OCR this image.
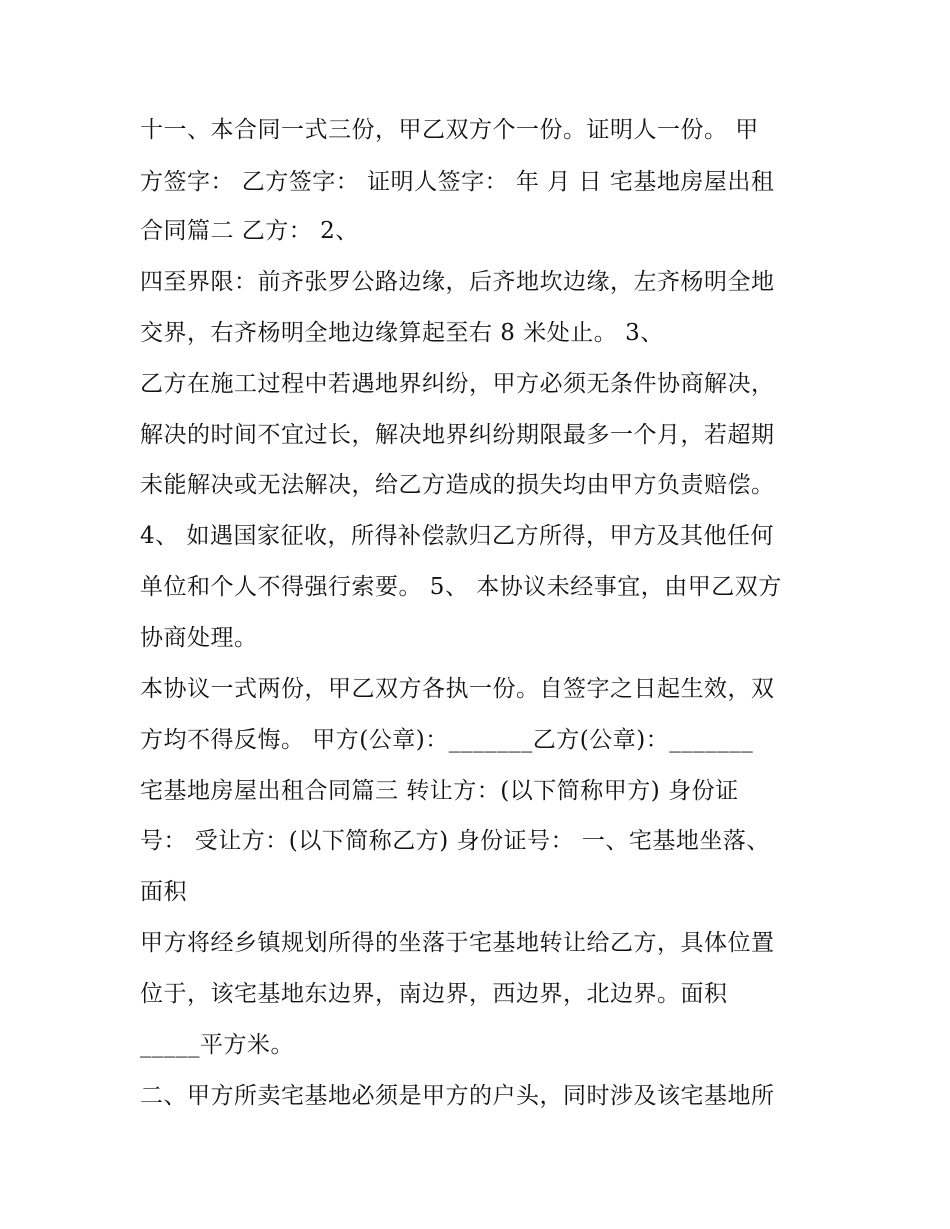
十一、本合同一式三份，甲乙双方个一份。证明人一份。 甲
方签字： 乙方签字： 证明人签字： 年 月 日 宅基地房屋出租
合同篇二 乙方： 2、
四至界限：前齐张罗公路边缘，后齐地坎边缘，左齐杨明全地
交界，右齐杨明全地边缘算起至右 8 米处止。 3、
乙方在施工过程中若遇地界纠纷，甲方必须无条件协商解决，
解决的时间不宜过长，解决地界纠纷期限最多一个月，若超期
未能解决或无法解决，给乙方造成的损失均由甲方负责赔偿。
4、 如遇国家征收，所得补偿款归乙方所得，甲方及其他任何
单位和个人不得强行索要。 5、 本协议未经事宜，由甲乙双方
协商处理。
本协议一式两份，甲乙双方各执一份。自签字之日起生效，双
方均不得反悔。 甲方(公章)：_______乙方(公章)：_______
宅基地房屋出租合同篇三 转让方：(以下简称甲方) 身份证
号： 受让方：(以下简称乙方) 身份证号： 一、宅基地坐落、
面积
甲方将经乡镇规划所得的坐落于宅基地转让给乙方，具体位置
位于，该宅基地东边界，南边界，西边界，北边界。面积
_____平方米。
二、甲方所卖宅基地必须是甲方的户头，同时涉及该宅基地所
